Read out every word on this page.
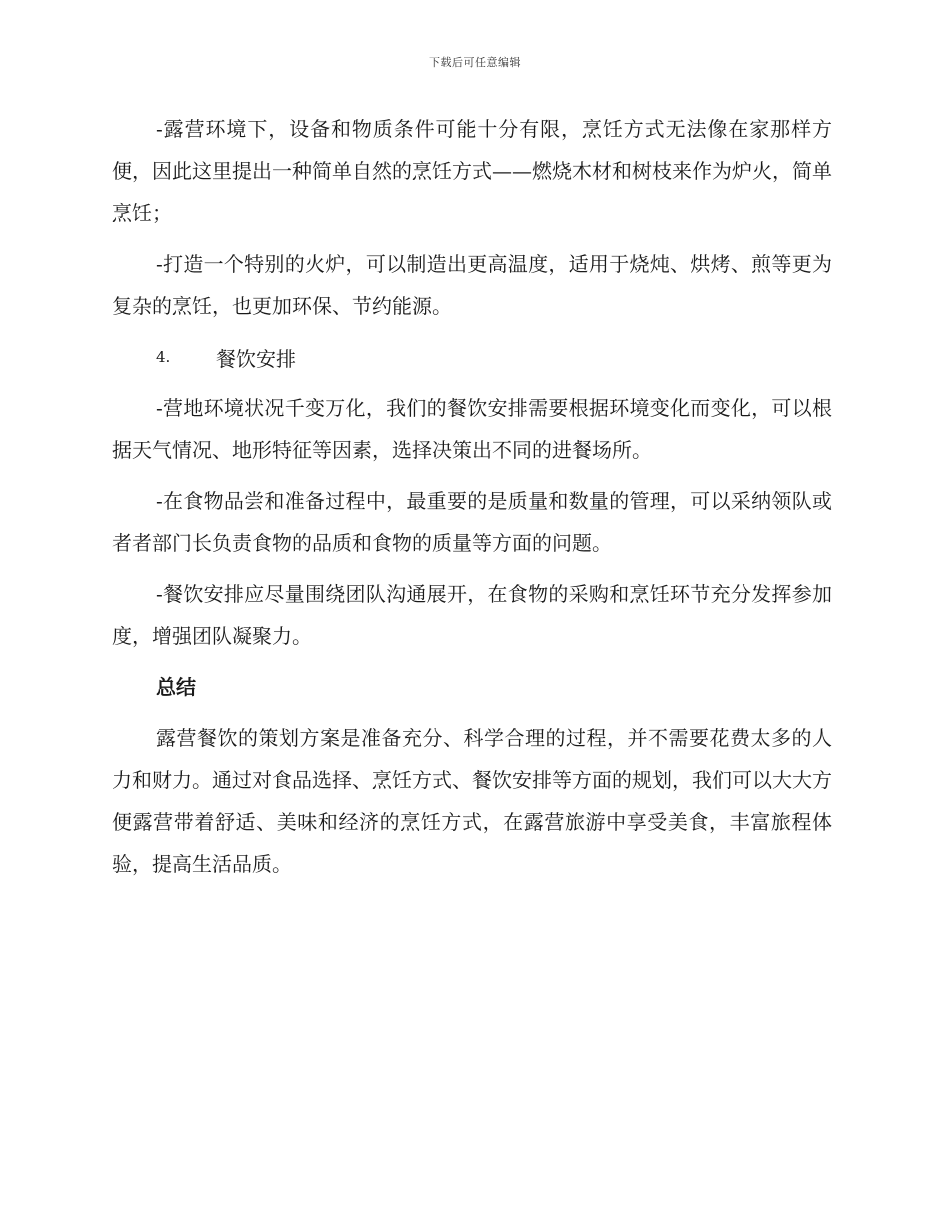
下载后可任意编辑

-露营环境下，设备和物质条件可能十分有限，烹饪方式无法像在家那样方便，因此这里提出一种简单自然的烹饪方式——燃烧木材和树枝来作为炉火，简单烹饪；

-打造一个特别的火炉，可以制造出更高温度，适用于烧炖、烘烤、煎等更为复杂的烹饪，也更加环保、节约能源。

4.	餐饮安排

-营地环境状况千变万化，我们的餐饮安排需要根据环境变化而变化，可以根据天气情况、地形特征等因素，选择决策出不同的进餐场所。

-在食物品尝和准备过程中，最重要的是质量和数量的管理，可以采纳领队或者者部门长负责食物的品质和食物的质量等方面的问题。

-餐饮安排应尽量围绕团队沟通展开，在食物的采购和烹饪环节充分发挥参加度，增强团队凝聚力。

总结

露营餐饮的策划方案是准备充分、科学合理的过程，并不需要花费太多的人力和财力。通过对食品选择、烹饪方式、餐饮安排等方面的规划，我们可以大大方便露营带着舒适、美味和经济的烹饪方式，在露营旅游中享受美食，丰富旅程体验，提高生活品质。
